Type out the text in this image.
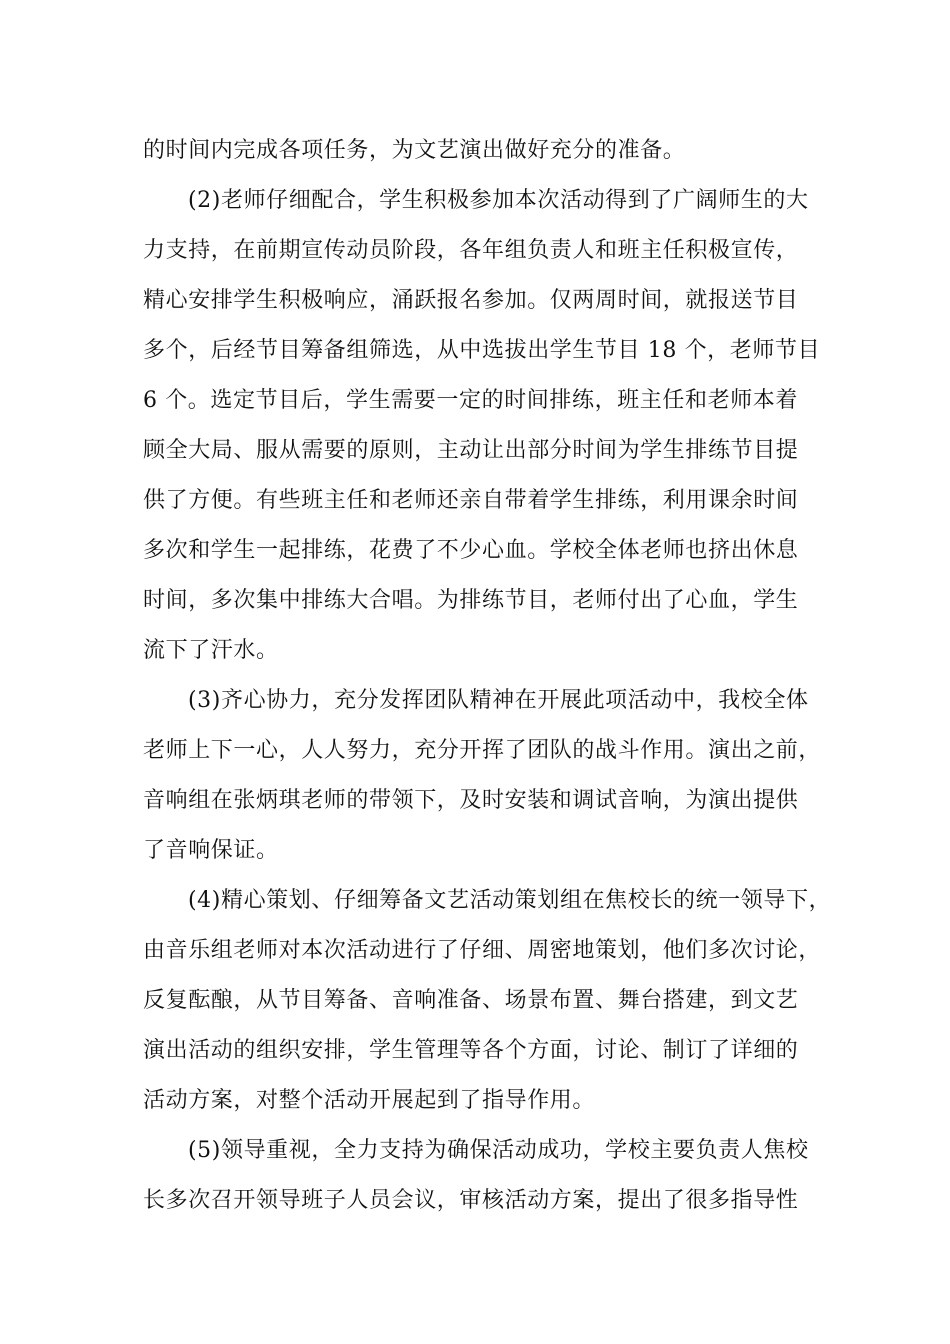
的时间内完成各项任务，为文艺演出做好充分的准备。
(2)老师仔细配合，学生积极参加本次活动得到了广阔师生的大
力支持，在前期宣传动员阶段，各年组负责人和班主任积极宣传，
精心安排学生积极响应，涌跃报名参加。仅两周时间，就报送节目
多个，后经节目筹备组筛选，从中选拔出学生节目 18 个，老师节目
6 个。选定节目后，学生需要一定的时间排练，班主任和老师本着
顾全大局、服从需要的原则，主动让出部分时间为学生排练节目提
供了方便。有些班主任和老师还亲自带着学生排练，利用课余时间
多次和学生一起排练，花费了不少心血。学校全体老师也挤出休息
时间，多次集中排练大合唱。为排练节目，老师付出了心血，学生
流下了汗水。
(3)齐心协力，充分发挥团队精神在开展此项活动中，我校全体
老师上下一心，人人努力，充分开挥了团队的战斗作用。演出之前，
音响组在张炳琪老师的带领下，及时安装和调试音响，为演出提供
了音响保证。
(4)精心策划、仔细筹备文艺活动策划组在焦校长的统一领导下，
由音乐组老师对本次活动进行了仔细、周密地策划，他们多次讨论，
反复酝酿，从节目筹备、音响准备、场景布置、舞台搭建，到文艺
演出活动的组织安排，学生管理等各个方面，讨论、制订了详细的
活动方案，对整个活动开展起到了指导作用。
(5)领导重视，全力支持为确保活动成功，学校主要负责人焦校
长多次召开领导班子人员会议，审核活动方案，提出了很多指导性
